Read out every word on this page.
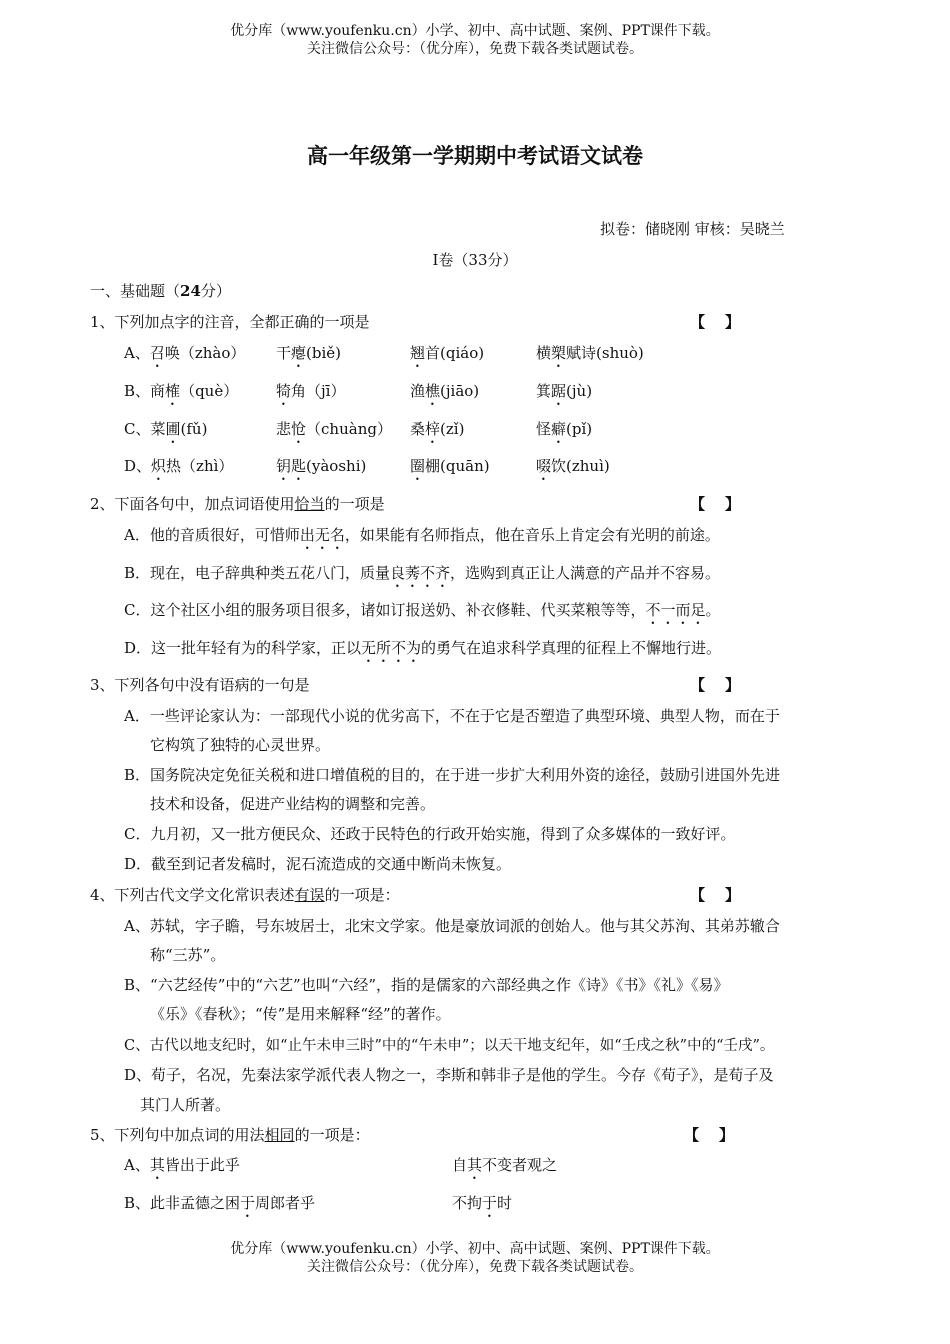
优分库（www.youfenku.cn）小学、初中、高中试题、案例、PPT课件下载。
关注微信公众号：（优分库），免费下载各类试题试卷。
高一年级第一学期期中考试语文试卷
拟卷：储晓刚 审核：吴晓兰
I卷（33分）
一、基础题（24分）
1、下列加点字的注音，全都正确的一项是	【】
A、召唤（zhào） 干瘪(biě)	翘首(qiáo)	横槊赋诗(shuò)
B、商榷（què）	犄角（jī）	渔樵(jiāo)	箕踞(jù)
C、菜圃(fǔ)	悲怆（chuàng） 桑梓(zǐ)	怪癖(pǐ)
D、炽热（zhì）	钥匙(yàoshi)	圈棚(quān)	啜饮(zhuì)
2、下面各句中，加点词语使用恰当的一项是	【】
A．他的音质很好，可惜师出无名，如果能有名师指点，他在音乐上肯定会有光明的前途。
B．现在，电子辞典种类五花八门，质量良莠不齐，选购到真正让人满意的产品并不容易。
C．这个社区小组的服务项目很多，诸如订报送奶、补衣修鞋、代买菜粮等等，不一而足。
D．这一批年轻有为的科学家，正以无所不为的勇气在追求科学真理的征程上不懈地行进。
3、下列各句中没有语病的一句是	【】
A．一些评论家认为：一部现代小说的优劣高下，不在于它是否塑造了典型环境、典型人物，而在于
它构筑了独特的心灵世界。
B．国务院决定免征关税和进口增值税的目的，在于进一步扩大利用外资的途径，鼓励引进国外先进
技术和设备，促进产业结构的调整和完善。
C．九月初，又一批方便民众、还政于民特色的行政开始实施，得到了众多媒体的一致好评。
D．截至到记者发稿时，泥石流造成的交通中断尚未恢复。
4、下列古代文学文化常识表述有误的一项是：	【】
A、苏轼，字子瞻，号东坡居士，北宋文学家。他是豪放词派的创始人。他与其父苏洵、其弟苏辙合
称“三苏”。
B、“六艺经传”中的“六艺”也叫“六经”，指的是儒家的六部经典之作《诗》《书》《礼》《易》
《乐》《春秋》；“传”是用来解释“经”的著作。
C、古代以地支纪时，如“止午未申三时”中的“午未申”；以天干地支纪年，如“壬戌之秋”中的“壬戌”。
D、荀子，名况，先秦法家学派代表人物之一，李斯和韩非子是他的学生。今存《荀子》，是荀子及
其门人所著。
5、下列句中加点词的用法相同的一项是：	【】
A、其皆出于此乎	自其不变者观之
B、此非孟德之困于周郎者乎	不拘于时
优分库（www.youfenku.cn）小学、初中、高中试题、案例、PPT课件下载。
关注微信公众号：（优分库），免费下载各类试题试卷。
